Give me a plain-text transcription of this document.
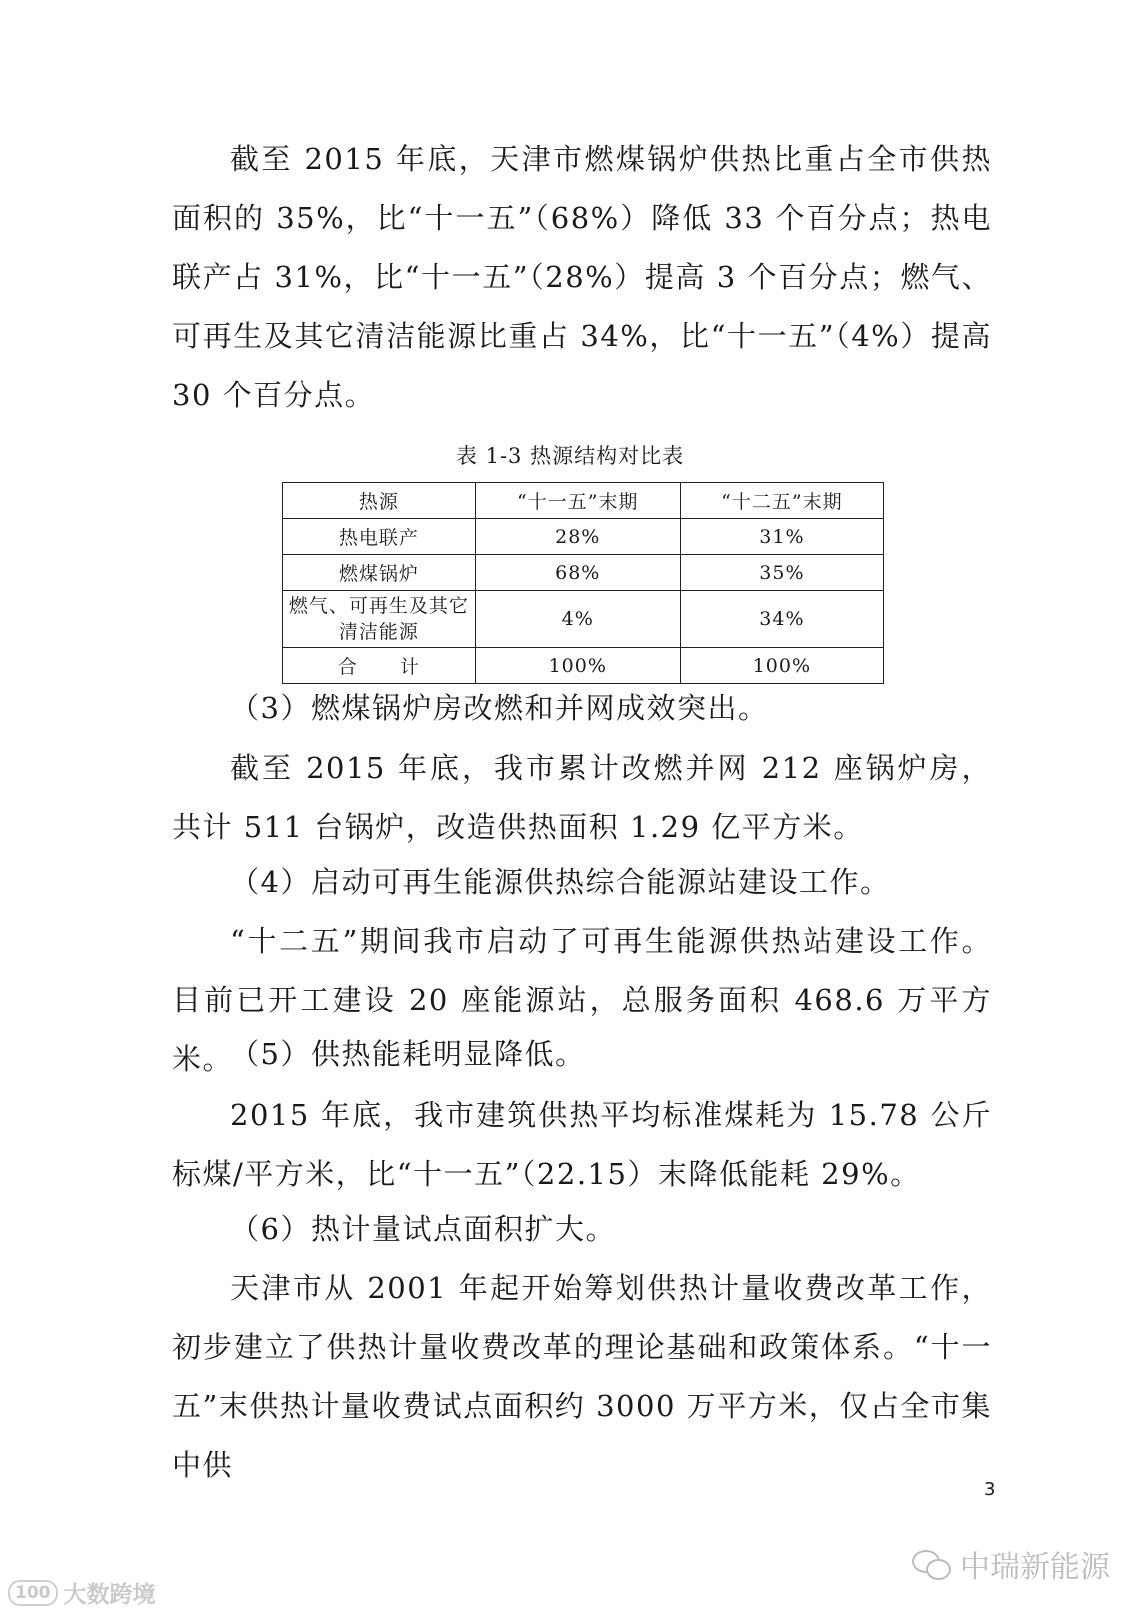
截至 2015 年底，天津市燃煤锅炉供热比重占全市供热面积的 35%，比“十一五”（68%）降低 33 个百分点；热电联产占 31%，比“十一五”（28%）提高 3 个百分点；燃气、可再生及其它清洁能源比重占 34%，比“十一五”（4%）提高 30 个百分点。

表 1-3 热源结构对比表

热源	“十一五”末期	“十二五”末期
热电联产	28%	31%
燃煤锅炉	68%	35%
燃气、可再生及其它清洁能源	4%	34%
合      计	100%	100%

（3）燃煤锅炉房改燃和并网成效突出。

截至 2015 年底，我市累计改燃并网 212 座锅炉房，共计 511 台锅炉，改造供热面积 1.29 亿平方米。

（4）启动可再生能源供热综合能源站建设工作。

“十二五”期间我市启动了可再生能源供热站建设工作。目前已开工建设 20 座能源站，总服务面积 468.6 万平方米。

（5）供热能耗明显降低。

2015 年底，我市建筑供热平均标准煤耗为 15.78 公斤标煤/平方米，比“十一五”（22.15）末降低能耗 29%。

（6）热计量试点面积扩大。

天津市从 2001 年起开始筹划供热计量收费改革工作，初步建立了供热计量收费改革的理论基础和政策体系。“十一五”末供热计量收费试点面积约 3000 万平方米，仅占全市集中供

3

100 大数跨境
中瑞新能源
